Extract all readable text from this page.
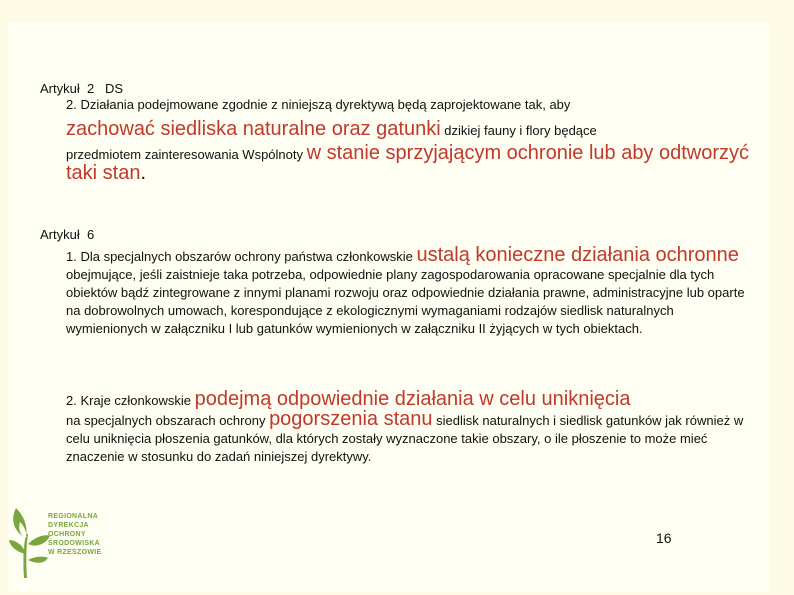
Artykuł  2   DS
2. Działania podejmowane zgodnie z niniejszą dyrektywą będą zaprojektowane tak, aby

zachować siedliska naturalne oraz gatunki dzikiej fauny i flory będące

przedmiotem zainteresowania Wspólnoty w stanie sprzyjającym ochronie lub aby odtworzyć taki stan.
Artykuł  6
1. Dla specjalnych obszarów ochrony państwa członkowskie ustalą konieczne działania ochronne obejmujące, jeśli zaistnieje taka potrzeba, odpowiednie plany zagospodarowania opracowane specjalnie dla tych obiektów bądź zintegrowane z innymi planami rozwoju oraz odpowiednie działania prawne, administracyjne lub oparte na dobrowolnych umowach, korespondujące z ekologicznymi wymaganiami rodzajów siedlisk naturalnych wymienionych w załączniku I lub gatunków wymienionych w załączniku II żyjących w tych obiektach.
2. Kraje członkowskie podejmą odpowiednie działania w celu uniknięcia
na specjalnych obszarach ochrony pogorszenia stanu siedlisk naturalnych i siedlisk gatunków jak również w celu uniknięcia płoszenia gatunków, dla których zostały wyznaczone takie obszary, o ile płoszenie to może mieć znaczenie w stosunku do zadań niniejszej dyrektywy.
16
REGIONALNA
DYREKCJA
OCHRONY
ŚRODOWISKA
W RZESZOWIE
